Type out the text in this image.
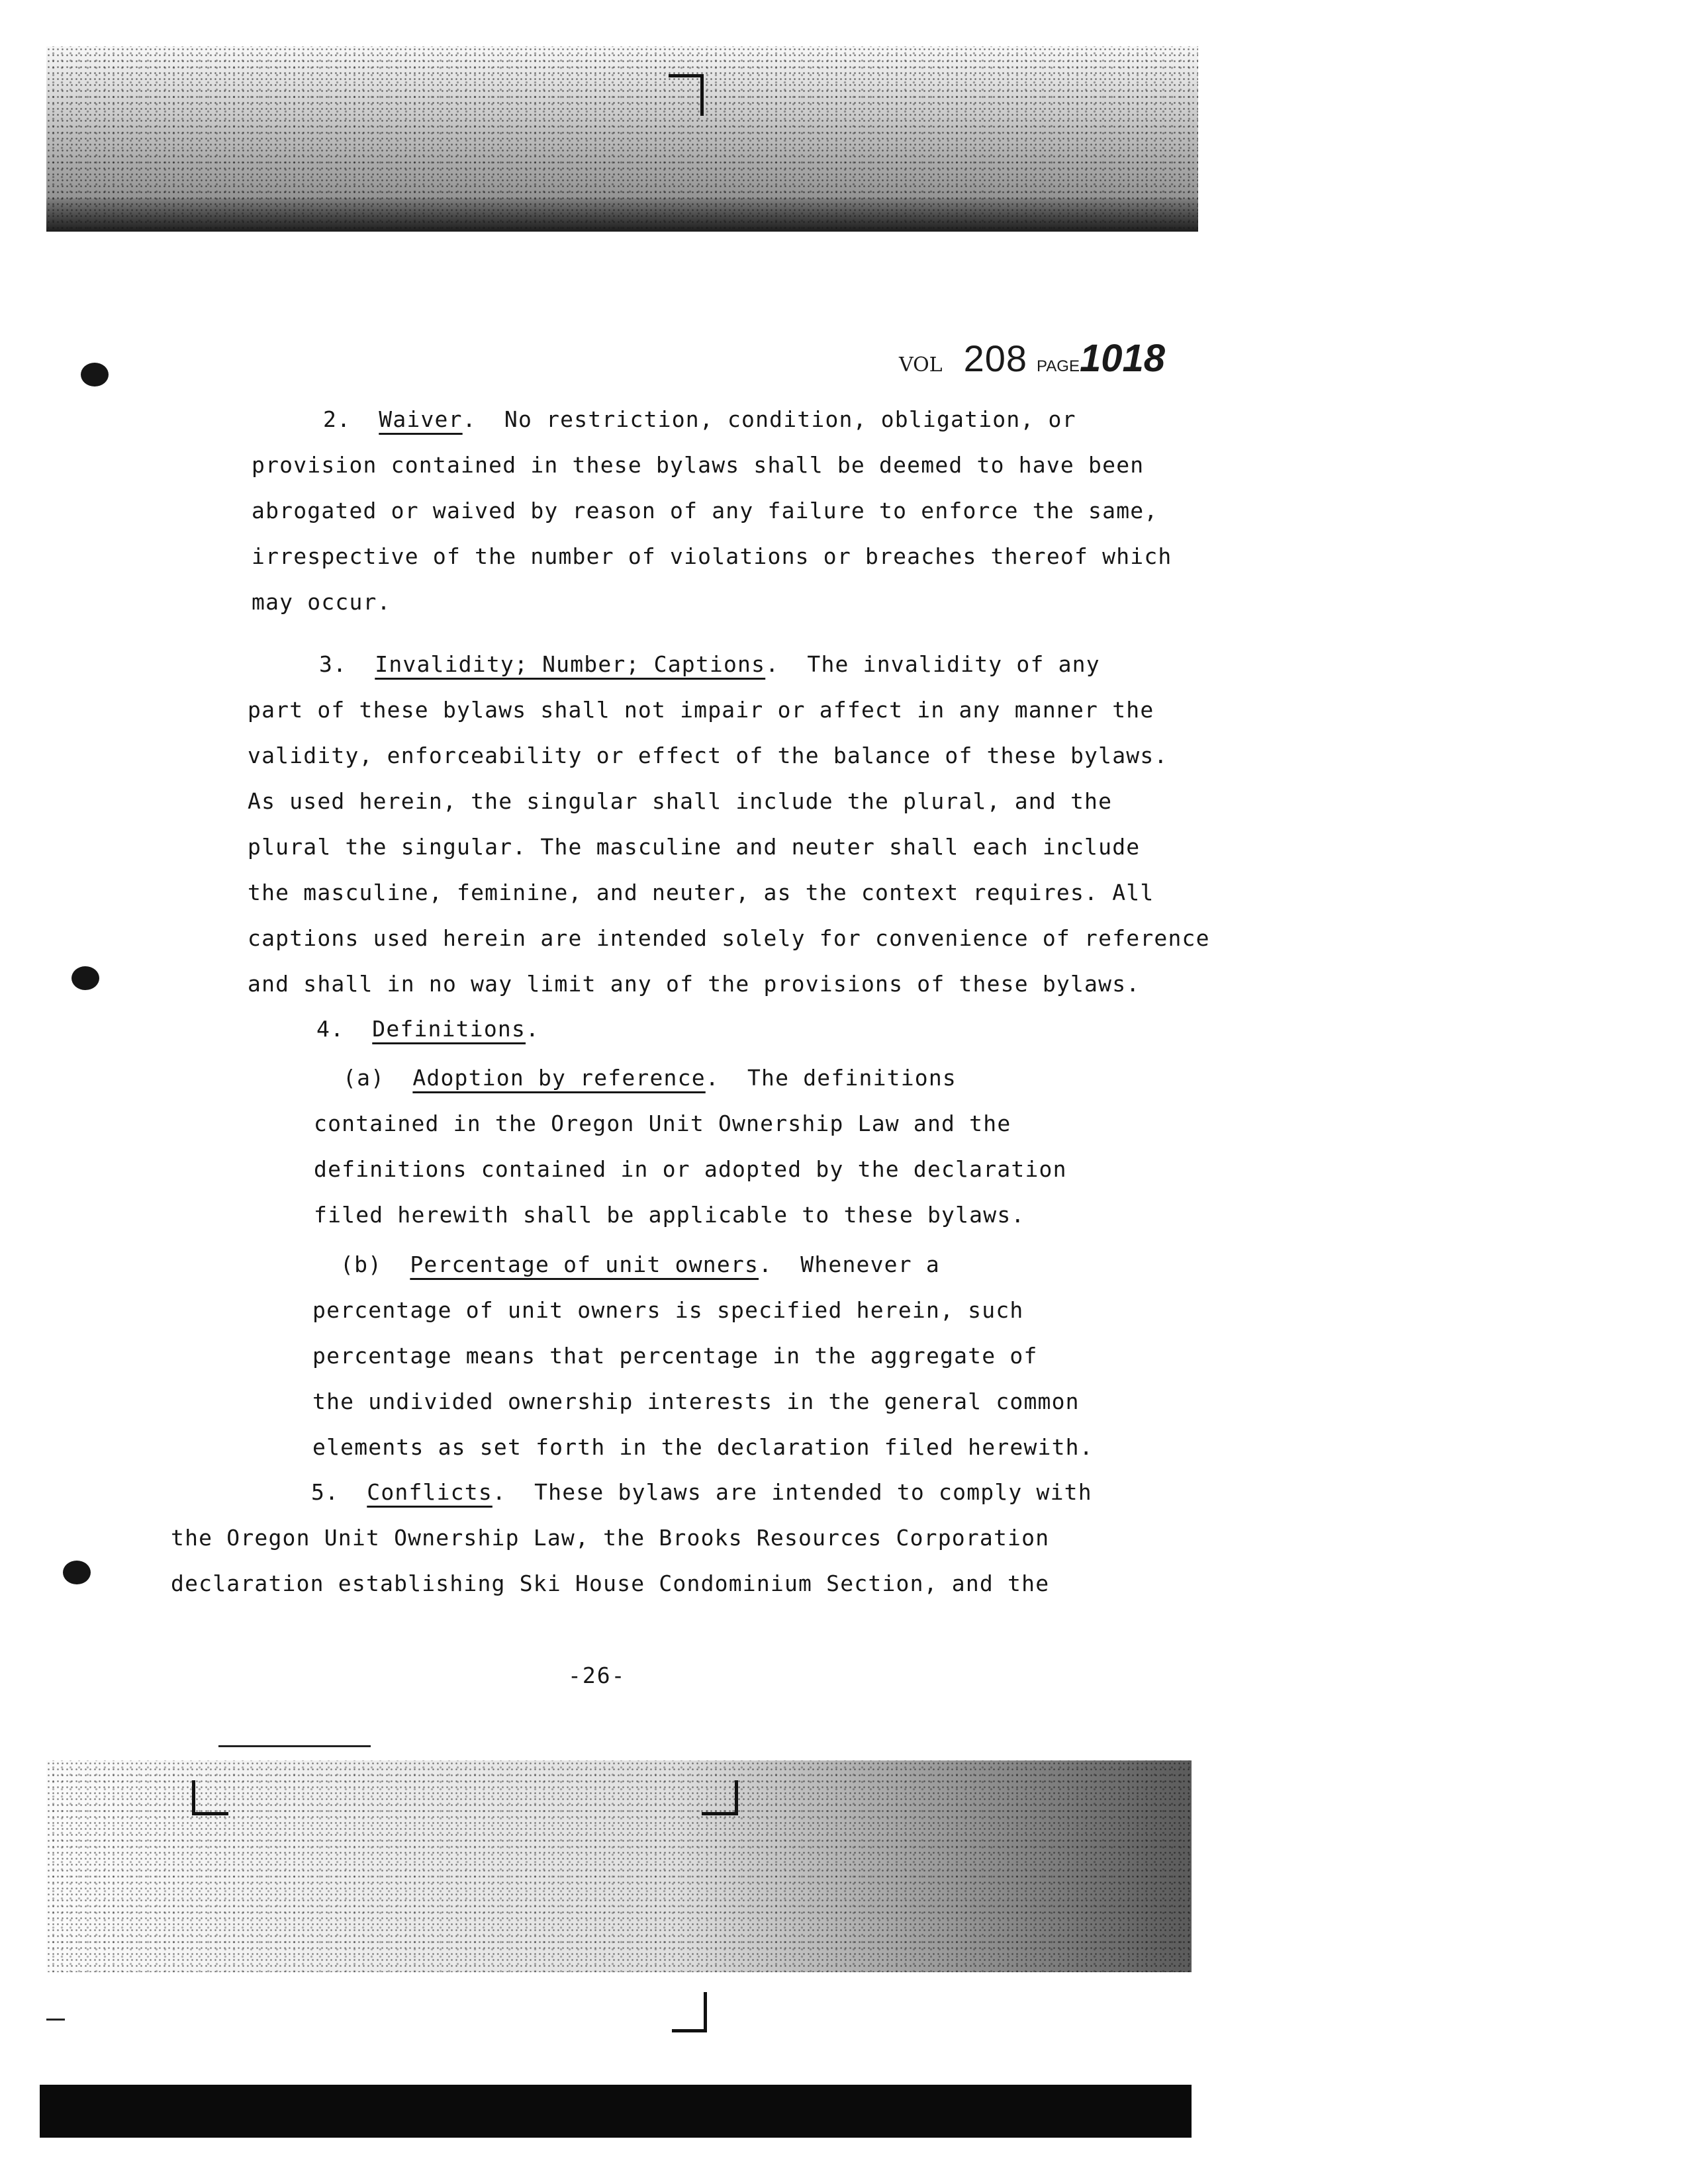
VOL 208 PAGE1018
2. Waiver.  No restriction, condition, obligation, or
provision contained in these bylaws shall be deemed to have been
abrogated or waived by reason of any failure to enforce the same,
irrespective of the number of violations or breaches thereof which
may occur.
3. Invalidity; Number; Captions.  The invalidity of any
part of these bylaws shall not impair or affect in any manner the
validity, enforceability or effect of the balance of these bylaws.
As used herein, the singular shall include the plural, and the
plural the singular. The masculine and neuter shall each include
the masculine, feminine, and neuter, as the context requires. All
captions used herein are intended solely for convenience of reference
and shall in no way limit any of the provisions of these bylaws.
4. Definitions.
(a) Adoption by reference.  The definitions
contained in the Oregon Unit Ownership Law and the
definitions contained in or adopted by the declaration
filed herewith shall be applicable to these bylaws.
(b) Percentage of unit owners.  Whenever a
percentage of unit owners is specified herein, such
percentage means that percentage in the aggregate of
the undivided ownership interests in the general common
elements as set forth in the declaration filed herewith.
5. Conflicts.  These bylaws are intended to comply with
the Oregon Unit Ownership Law, the Brooks Resources Corporation
declaration establishing Ski House Condominium Section, and the
-26-
